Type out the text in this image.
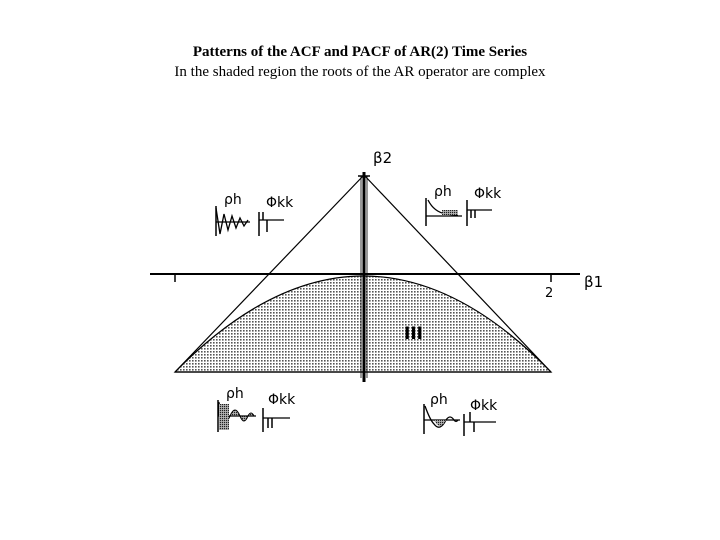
Patterns of the ACF and PACF of AR(2) Time Series
In the shaded region the roots of the AR operator are complex
β2
β1
2
III
ρh Φkk
ρh Φkk
ρh Φkk	ρh Φkk
